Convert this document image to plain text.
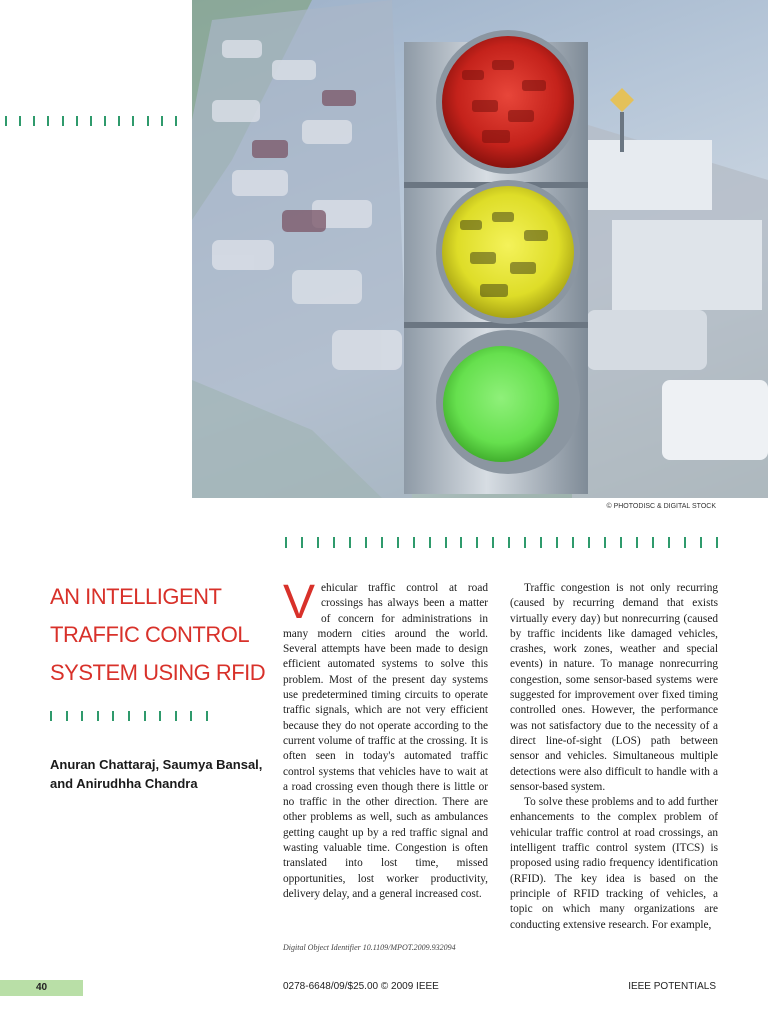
© PHOTODISC & DIGITAL STOCK
AN INTELLIGENT
TRAFFIC CONTROL
SYSTEM USING RFID
Anuran Chattaraj, Saumya Bansal,
and Anirudhha Chandra
V ehicular traffic control at road crossings has always been a matter of concern for administrations in many modern cities around the world. Several attempts have been made to design efficient automated systems to solve this problem. Most of the present day systems use predetermined timing circuits to operate traffic signals, which are not very efficient because they do not operate according to the current volume of traffic at the crossing. It is often seen in today's automated traffic control systems that vehicles have to wait at a road crossing even though there is little or no traffic in the other direction. There are other problems as well, such as ambulances getting caught up by a red traffic signal and wasting valuable time. Congestion is often translated into lost time, missed opportunities, lost worker productivity, delivery delay, and a general increased cost.

Traffic congestion is not only recurring (caused by recurring demand that exists virtually every day) but nonrecurring (caused by traffic incidents like damaged vehicles, crashes, work zones, weather and special events) in nature. To manage nonrecurring congestion, some sensor-based systems were suggested for improvement over fixed timing controlled ones. However, the performance was not satisfactory due to the necessity of a direct line-of-sight (LOS) path between sensor and vehicles. Simultaneous multiple detections were also difficult to handle with a sensor-based system.

To solve these problems and to add further enhancements to the complex problem of vehicular traffic control at road crossings, an intelligent traffic control system (ITCS) is proposed using radio frequency identification (RFID). The key idea is based on the principle of RFID tracking of vehicles, a topic on which many organizations are conducting extensive research. For example,

Digital Object Identifier 10.1109/MPOT.2009.932094
40	0278-6648/09/$25.00 © 2009 IEEE	IEEE POTENTIALS
